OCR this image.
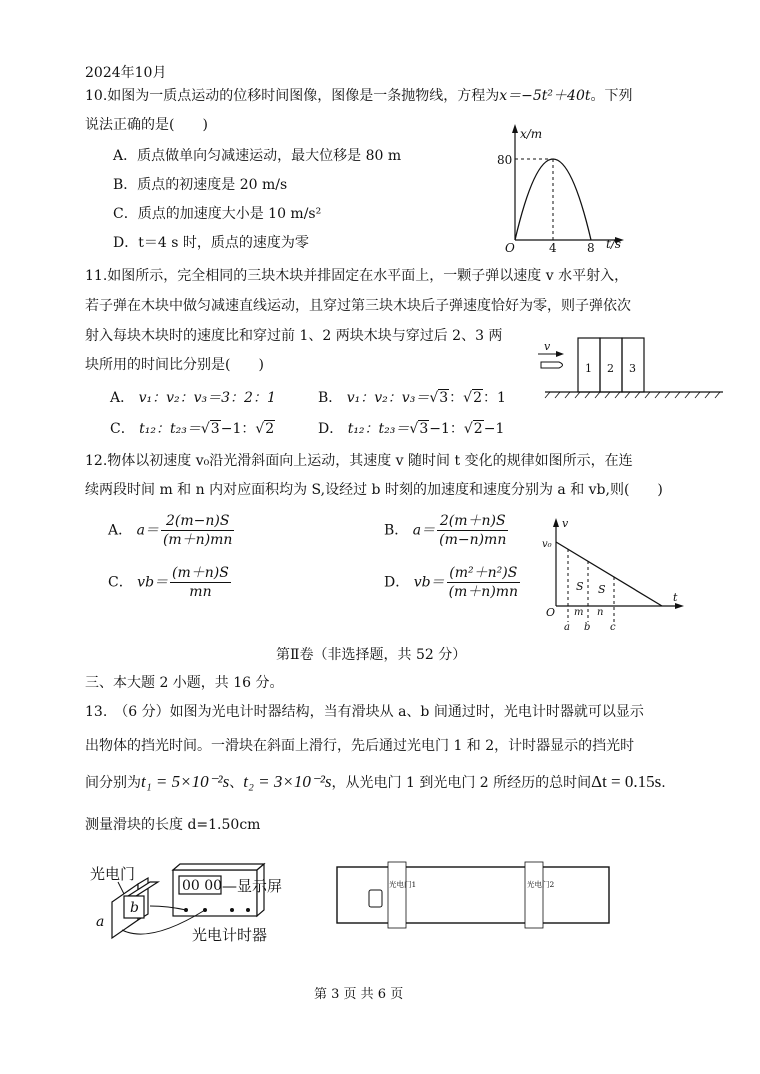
2024年10月
10.如图为一质点运动的位移时间图像，图像是一条抛物线，方程为x＝−5t²＋40t。下列
说法正确的是(　　)
A．质点做单向匀减速运动，最大位移是 80 m
B．质点的初速度是 20 m/s
C．质点的加速度大小是 10 m/s²
D．t＝4 s 时，质点的速度为零
x/m
80
O	4	8 t/s
11.如图所示，完全相同的三块木块并排固定在水平面上，一颗子弹以速度 v 水平射入，
若子弹在木块中做匀减速直线运动，且穿过第三块木块后子弹速度恰好为零，则子弹依次
射入每块木块时的速度比和穿过前 1、2 两块木块与穿过后 2、3 两
块所用的时间比分别是(　　)
A． v₁：v₂：v₃＝3：2：1	B． v₁：v₂：v₃＝√3：√2：1
C． t₁₂：t₂₃＝√3−1：√2	D． t₁₂：t₂₃＝√3−1：√2−1
1 2 3
v
12.物体以初速度 v₀沿光滑斜面向上运动，其速度 v 随时间 t 变化的规律如图所示，在连
续两段时间 m 和 n 内对应面积均为 S,设经过 b 时刻的加速度和速度分别为 a 和 vb,则(　　)
A． $a= \frac{2(m-n)S}{(m+n)mn}$	B． $a= \frac{2(m+n)S}{(m-n)mn}$
C． $vb= \frac{(m+n)S}{mn}$	D． $vb= \frac{\text{(m²＋n²)S}}{(m+n)mn}$
v
v₀
O
t
m n
S S
a b c
第Ⅱ卷（非选择题，共 52 分）
三、本大题 2 小题，共 16 分。
13.　（6 分）如图为光电计时器结构，当有滑块从 a、b 间通过时，光电计时器就可以显示
出物体的挡光时间。一滑块在斜面上滑行，先后通过光电门 1 和 2，计时器显示的挡光时
间分别为t₁ = 5×10⁻²s、t₂ = 3×10⁻²s，从光电门 1 到光电门 2 所经历的总时间Δt = 0.15s.
测量滑块的长度 d=1.50cm
光电门
a
b
00 00 —显示屏
光电计时器
光电门1	光电门2
第 3 页 共 6 页
